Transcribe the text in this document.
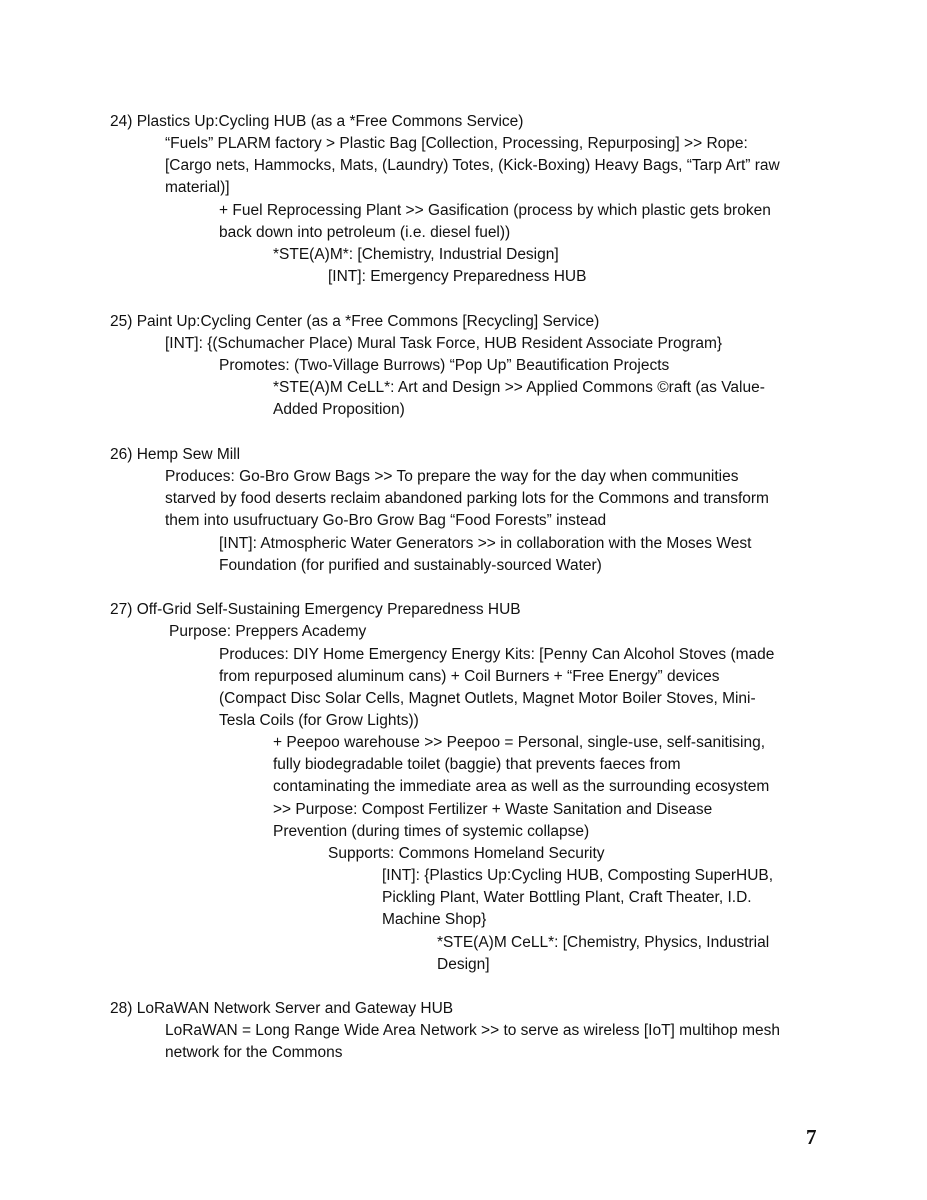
24) Plastics Up:Cycling HUB (as a *Free Commons Service)
“Fuels” PLARM factory > Plastic Bag [Collection, Processing, Repurposing] >> Rope:
[Cargo nets, Hammocks, Mats, (Laundry) Totes, (Kick-Boxing) Heavy Bags, “Tarp Art” raw
material)]
+ Fuel Reprocessing Plant >> Gasification (process by which plastic gets broken
back down into petroleum (i.e. diesel fuel))
*STE(A)M*: [Chemistry, Industrial Design]
[INT]: Emergency Preparedness HUB
25) Paint Up:Cycling Center (as a *Free Commons [Recycling] Service)
[INT]: {(Schumacher Place) Mural Task Force, HUB Resident Associate Program}
Promotes: (Two-Village Burrows) “Pop Up” Beautification Projects
*STE(A)M CeLL*: Art and Design >> Applied Commons ©raft (as Value-
Added Proposition)
26) Hemp Sew Mill
Produces: Go-Bro Grow Bags >> To prepare the way for the day when communities
starved by food deserts reclaim abandoned parking lots for the Commons and transform
them into usufructuary Go-Bro Grow Bag “Food Forests” instead
[INT]: Atmospheric Water Generators >> in collaboration with the Moses West
Foundation (for purified and sustainably-sourced Water)
27) Off-Grid Self-Sustaining Emergency Preparedness HUB
Purpose: Preppers Academy
Produces: DIY Home Emergency Energy Kits: [Penny Can Alcohol Stoves (made
from repurposed aluminum cans) + Coil Burners + “Free Energy” devices
(Compact Disc Solar Cells, Magnet Outlets, Magnet Motor Boiler Stoves, Mini-
Tesla Coils (for Grow Lights))
+ Peepoo warehouse >> Peepoo = Personal, single-use, self-sanitising,
fully biodegradable toilet (baggie) that prevents faeces from
contaminating the immediate area as well as the surrounding ecosystem
>> Purpose: Compost Fertilizer + Waste Sanitation and Disease
Prevention (during times of systemic collapse)
Supports: Commons Homeland Security
[INT]: {Plastics Up:Cycling HUB, Composting SuperHUB,
Pickling Plant, Water Bottling Plant, Craft Theater, I.D.
Machine Shop}
*STE(A)M CeLL*: [Chemistry, Physics, Industrial
Design]
28) LoRaWAN Network Server and Gateway HUB
LoRaWAN = Long Range Wide Area Network >> to serve as wireless [IoT] multihop mesh
network for the Commons
7
